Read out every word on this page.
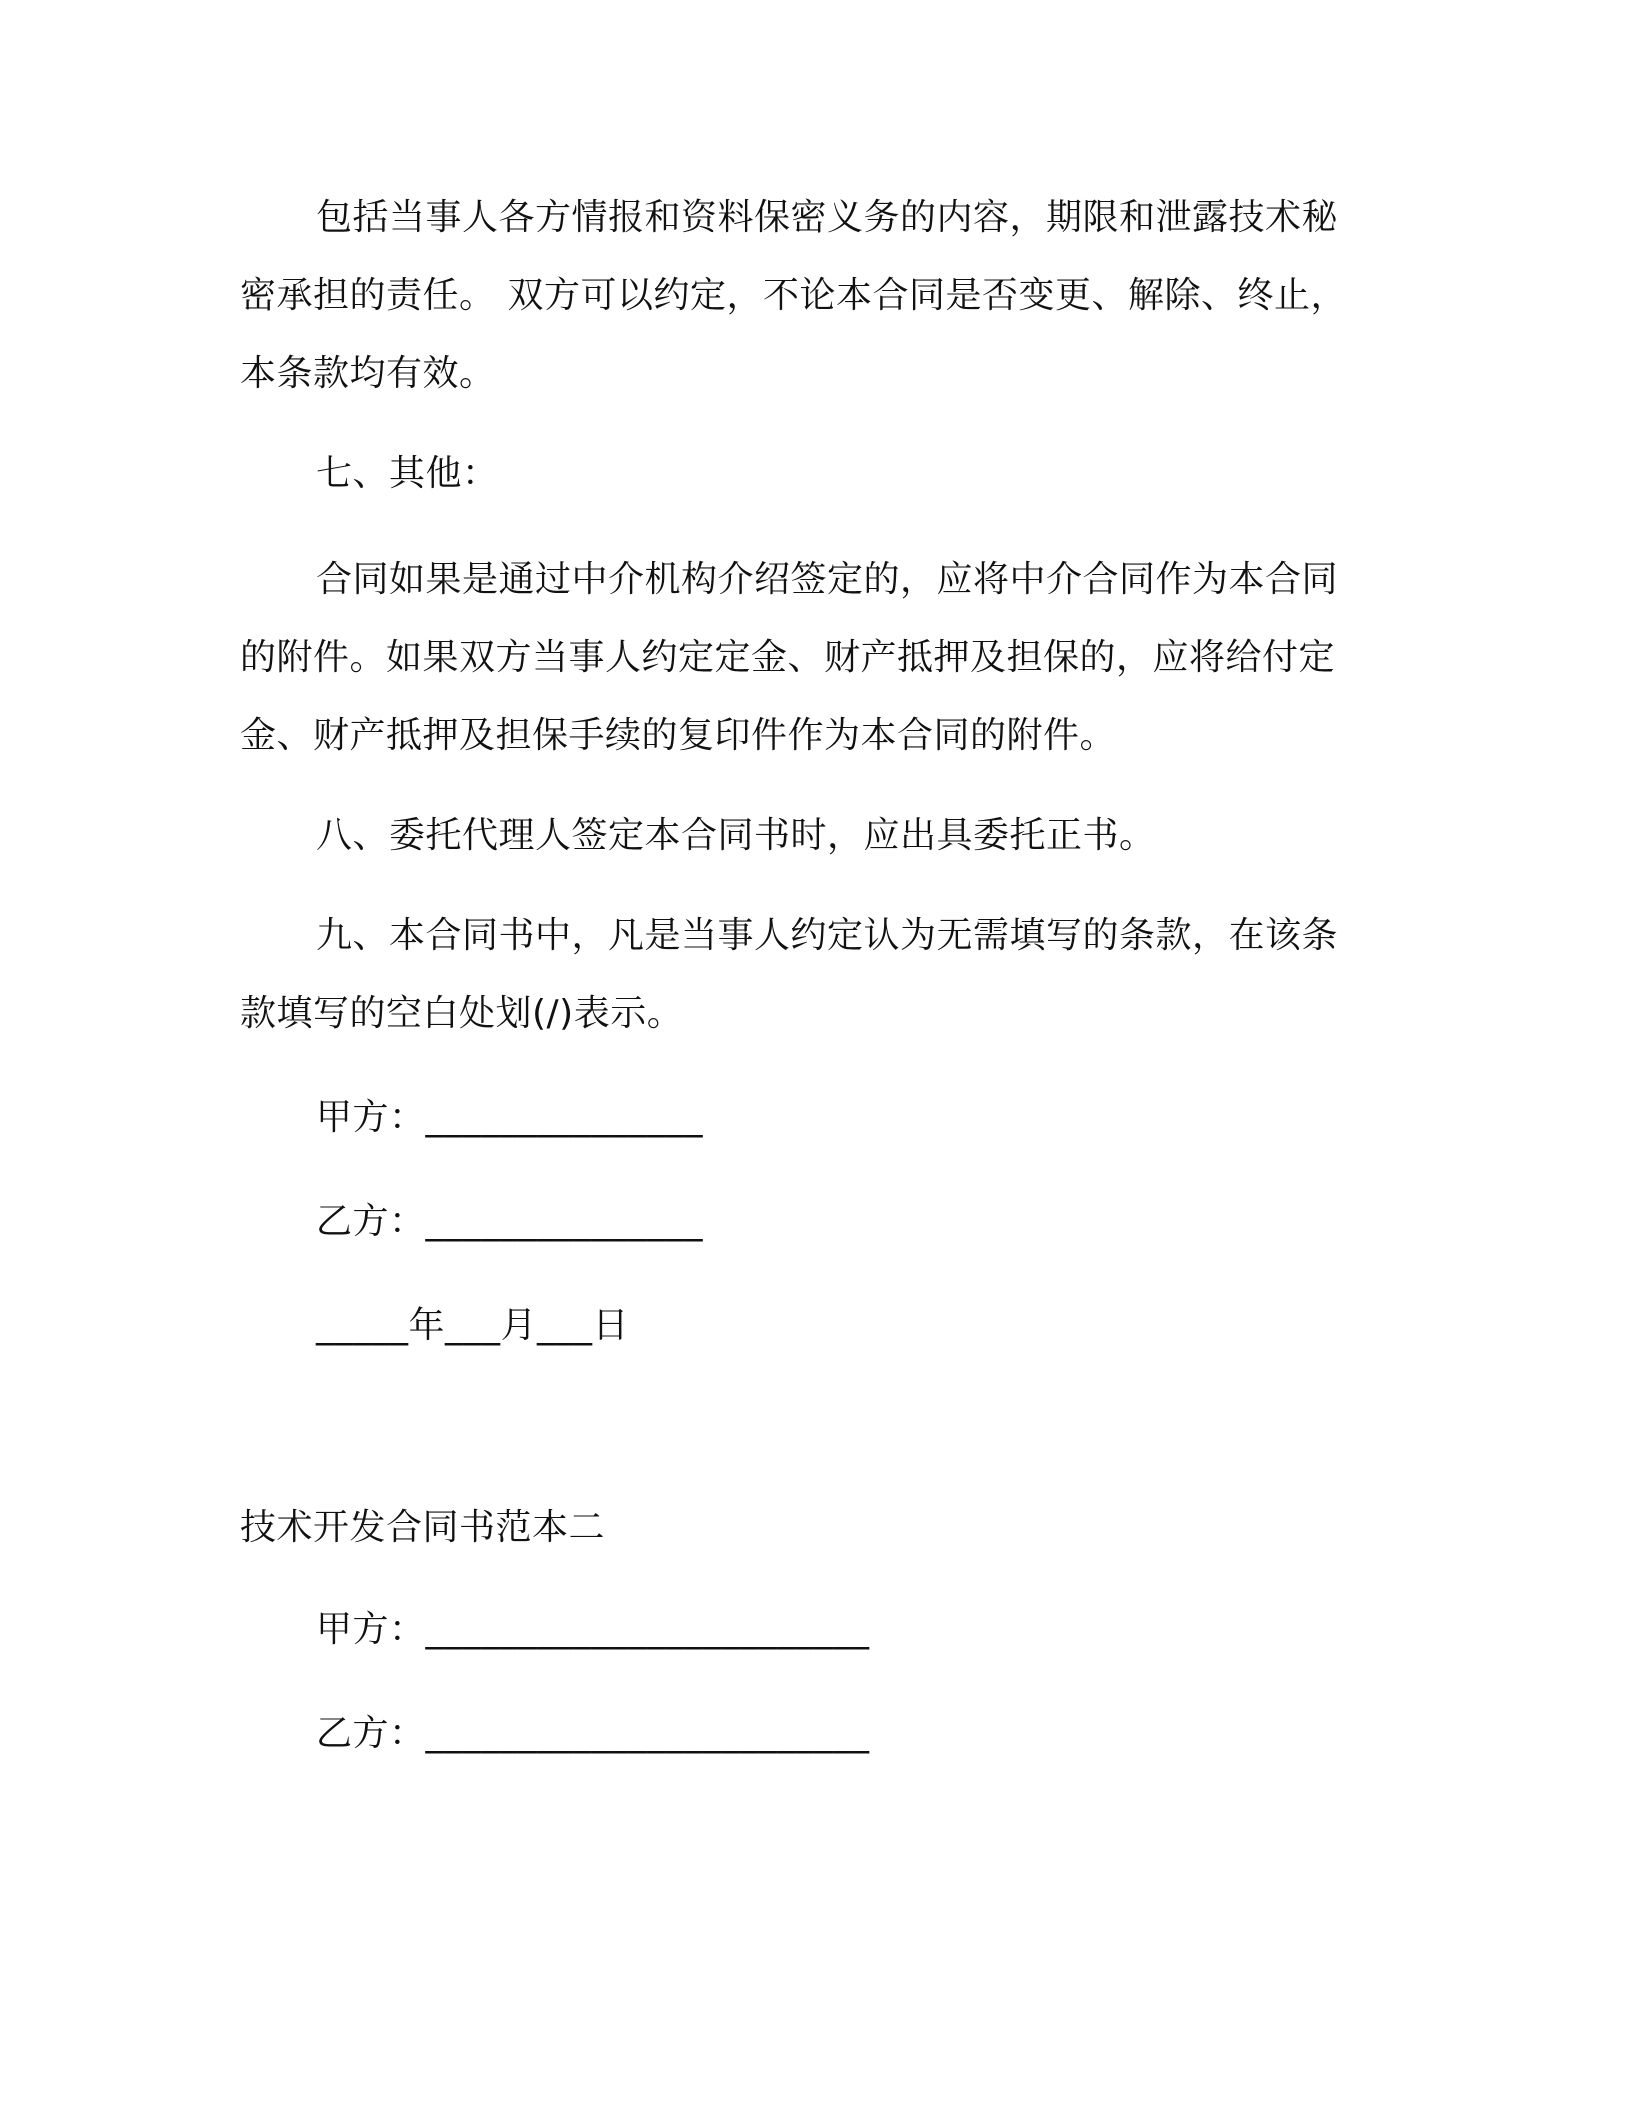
包括当事人各方情报和资料保密义务的内容，期限和泄露技术秘
密承担的责任。 双方可以约定，不论本合同是否变更、解除、终止，
本条款均有效。
七、其他：
合同如果是通过中介机构介绍签定的，应将中介合同作为本合同
的附件。如果双方当事人约定定金、财产抵押及担保的，应将给付定
金、财产抵押及担保手续的复印件作为本合同的附件。
八、委托代理人签定本合同书时，应出具委托正书。
九、本合同书中，凡是当事人约定认为无需填写的条款，在该条
款填写的空白处划(/)表示。
甲方：_______________
乙方：_______________
_____年___月___日
技术开发合同书范本二
甲方：________________________
乙方：________________________
